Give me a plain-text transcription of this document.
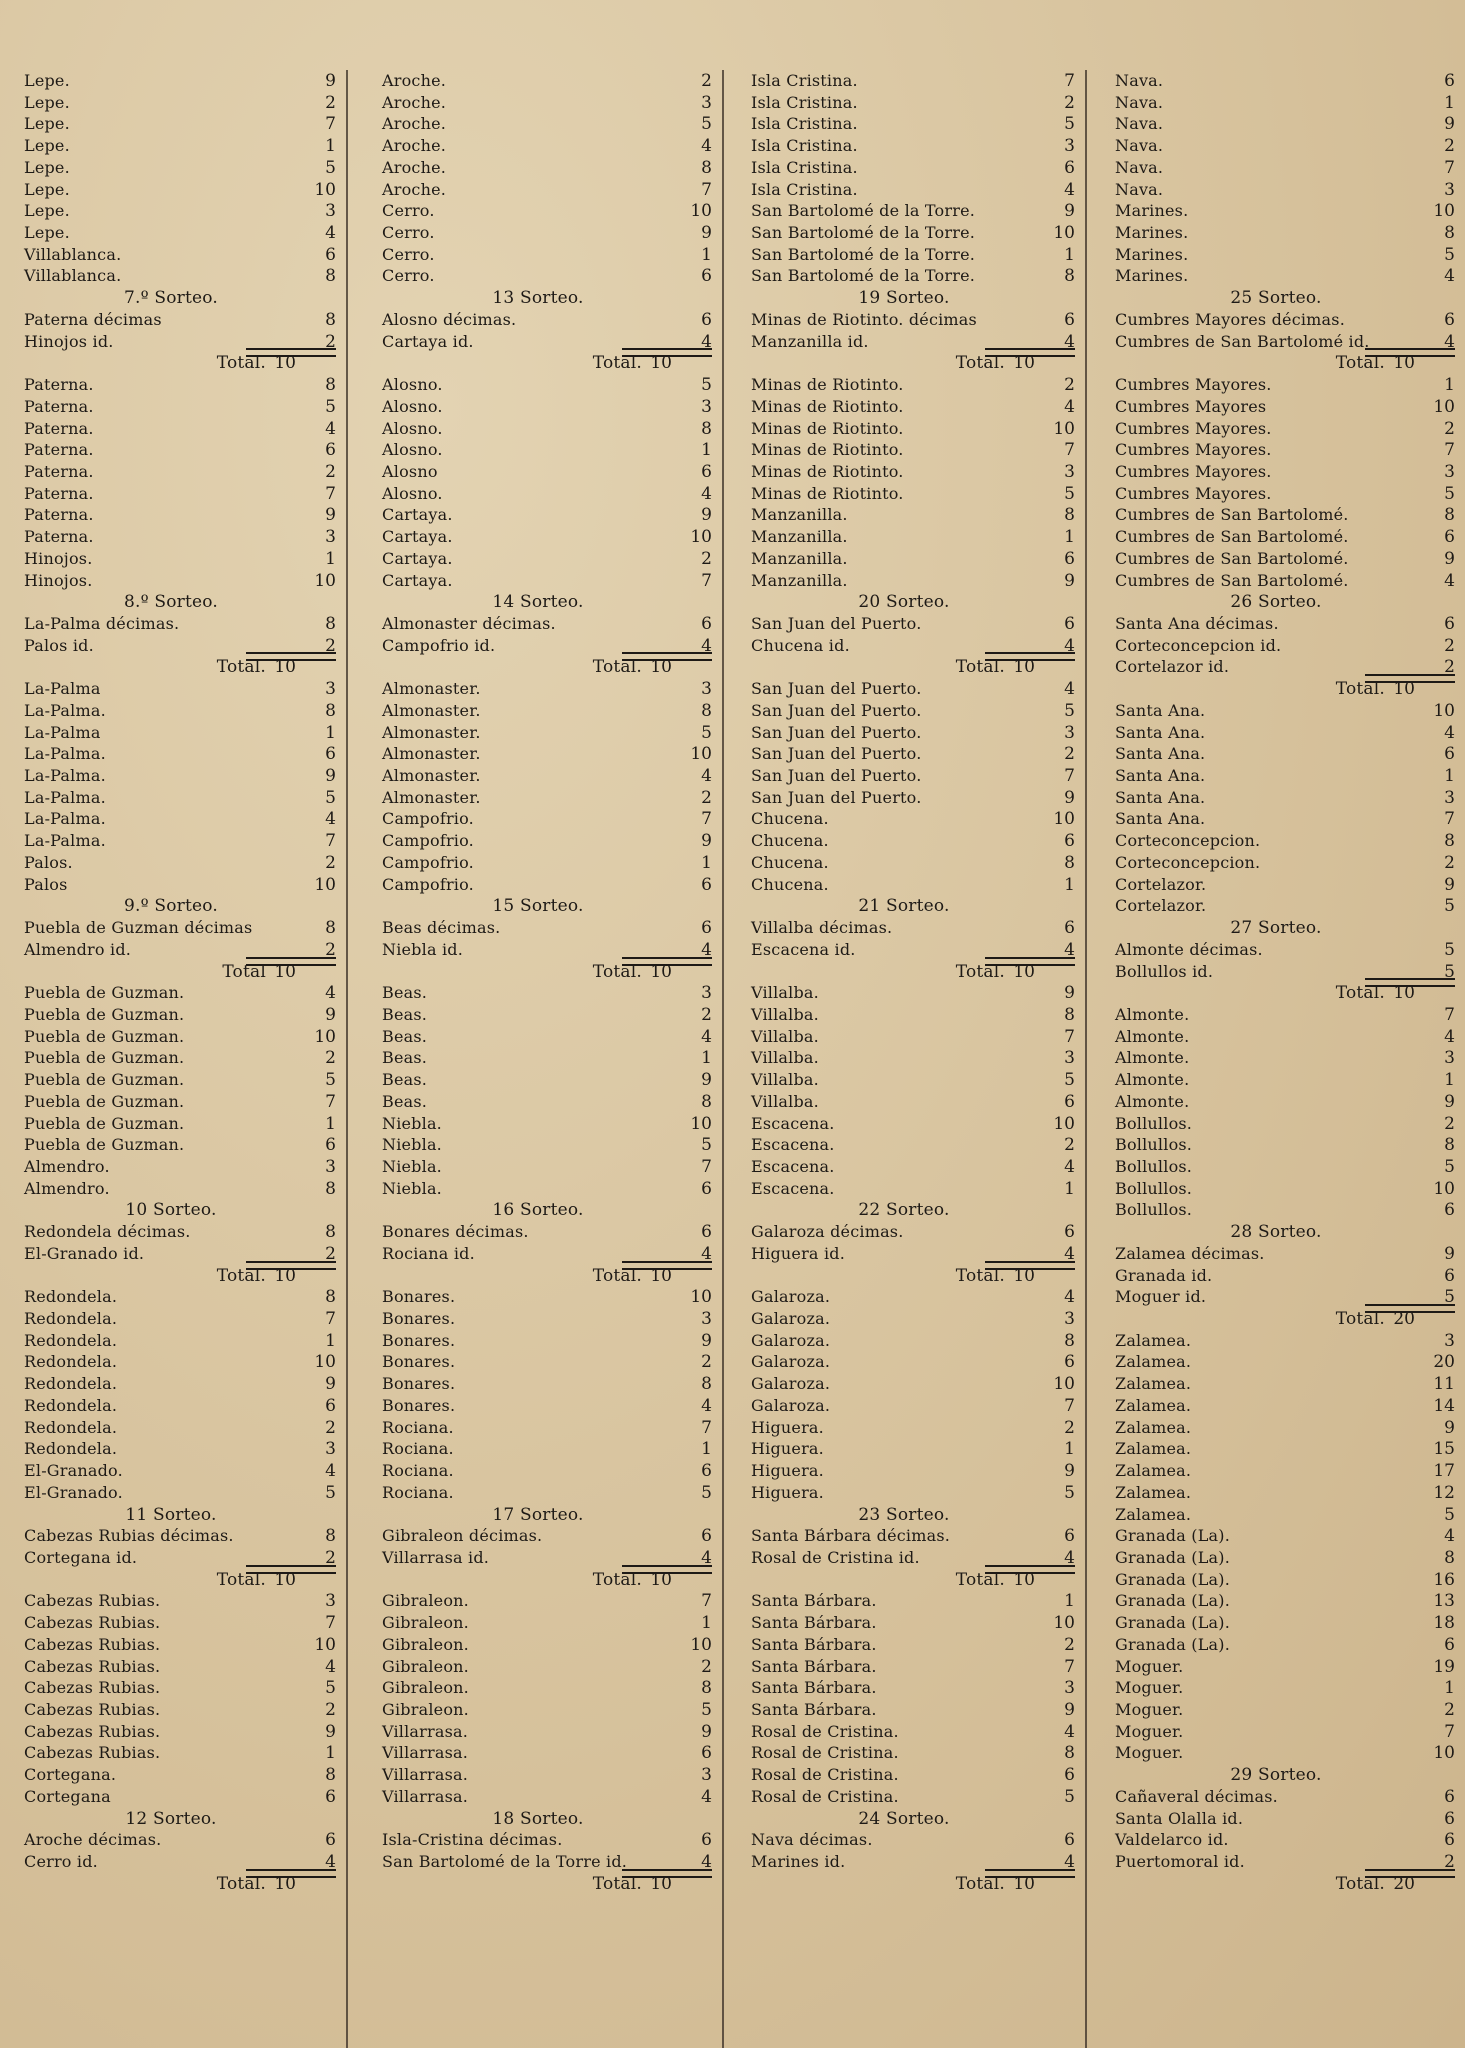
Lepe.	9
Lepe.	2
Lepe.	7
Lepe.	1
Lepe.	5
Lepe.	10
Lepe.	3
Lepe.	4
Villablanca.	6
Villablanca.	8
7.º Sorteo.
Paterna décimas	8
Hinojos id.	2
Total. 10
Paterna.	8
Paterna.	5
Paterna.	4
Paterna.	6
Paterna.	2
Paterna.	7
Paterna.	9
Paterna.	3
Hinojos.	1
Hinojos.	10
8.º Sorteo.
La-Palma décimas.	8
Palos id.	2
Total. 10
La-Palma	3
La-Palma.	8
La-Palma	1
La-Palma.	6
La-Palma.	9
La-Palma.	5
La-Palma.	4
La-Palma.	7
Palos.	2
Palos	10
9.º Sorteo.
Puebla de Guzman décimas	8
Almendro id.	2
Total 10
Puebla de Guzman.	4
Puebla de Guzman.	9
Puebla de Guzman.	10
Puebla de Guzman.	2
Puebla de Guzman.	5
Puebla de Guzman.	7
Puebla de Guzman.	1
Puebla de Guzman.	6
Almendro.	3
Almendro.	8
10 Sorteo.
Redondela décimas.	8
El-Granado id.	2
Total. 10
Redondela.	8
Redondela.	7
Redondela.	1
Redondela.	10
Redondela.	9
Redondela.	6
Redondela.	2
Redondela.	3
El-Granado.	4
El-Granado.	5
11 Sorteo.
Cabezas Rubias décimas.	8
Cortegana id.	2
Total. 10
Cabezas Rubias.	3
Cabezas Rubias.	7
Cabezas Rubias.	10
Cabezas Rubias.	4
Cabezas Rubias.	5
Cabezas Rubias.	2
Cabezas Rubias.	9
Cabezas Rubias.	1
Cortegana.	8
Cortegana	6
12 Sorteo.
Aroche décimas.	6
Cerro id.	4
Total. 10
Aroche.	2
Aroche.	3
Aroche.	5
Aroche.	4
Aroche.	8
Aroche.	7
Cerro.	10
Cerro.	9
Cerro.	1
Cerro.	6
13 Sorteo.
Alosno décimas.	6
Cartaya id.	4
Total. 10
Alosno.	5
Alosno.	3
Alosno.	8
Alosno.	1
Alosno	6
Alosno.	4
Cartaya.	9
Cartaya.	10
Cartaya.	2
Cartaya.	7
14 Sorteo.
Almonaster décimas.	6
Campofrio id.	4
Total. 10
Almonaster.	3
Almonaster.	8
Almonaster.	5
Almonaster.	10
Almonaster.	4
Almonaster.	2
Campofrio.	7
Campofrio.	9
Campofrio.	1
Campofrio.	6
15 Sorteo.
Beas décimas.	6
Niebla id.	4
Total. 10
Beas.	3
Beas.	2
Beas.	4
Beas.	1
Beas.	9
Beas.	8
Niebla.	10
Niebla.	5
Niebla.	7
Niebla.	6
16 Sorteo.
Bonares décimas.	6
Rociana id.	4
Total. 10
Bonares.	10
Bonares.	3
Bonares.	9
Bonares.	2
Bonares.	8
Bonares.	4
Rociana.	7
Rociana.	1
Rociana.	6
Rociana.	5
17 Sorteo.
Gibraleon décimas.	6
Villarrasa id.	4
Total. 10
Gibraleon.	7
Gibraleon.	1
Gibraleon.	10
Gibraleon.	2
Gibraleon.	8
Gibraleon.	5
Villarrasa.	9
Villarrasa.	6
Villarrasa.	3
Villarrasa.	4
18 Sorteo.
Isla-Cristina décimas.	6
San Bartolomé de la Torre id.	4
Total. 10
Isla Cristina.	7
Isla Cristina.	2
Isla Cristina.	5
Isla Cristina.	3
Isla Cristina.	6
Isla Cristina.	4
San Bartolomé de la Torre.	9
San Bartolomé de la Torre.	10
San Bartolomé de la Torre.	1
San Bartolomé de la Torre.	8
19 Sorteo.
Minas de Riotinto. décimas	6
Manzanilla id.	4
Total. 10
Minas de Riotinto.	2
Minas de Riotinto.	4
Minas de Riotinto.	10
Minas de Riotinto.	7
Minas de Riotinto.	3
Minas de Riotinto.	5
Manzanilla.	8
Manzanilla.	1
Manzanilla.	6
Manzanilla.	9
20 Sorteo.
San Juan del Puerto.	6
Chucena id.	4
Total. 10
San Juan del Puerto.	4
San Juan del Puerto.	5
San Juan del Puerto.	3
San Juan del Puerto.	2
San Juan del Puerto.	7
San Juan del Puerto.	9
Chucena.	10
Chucena.	6
Chucena.	8
Chucena.	1
21 Sorteo.
Villalba décimas.	6
Escacena id.	4
Total. 10
Villalba.	9
Villalba.	8
Villalba.	7
Villalba.	3
Villalba.	5
Villalba.	6
Escacena.	10
Escacena.	2
Escacena.	4
Escacena.	1
22 Sorteo.
Galaroza décimas.	6
Higuera id.	4
Total. 10
Galaroza.	4
Galaroza.	3
Galaroza.	8
Galaroza.	6
Galaroza.	10
Galaroza.	7
Higuera.	2
Higuera.	1
Higuera.	9
Higuera.	5
23 Sorteo.
Santa Bárbara décimas.	6
Rosal de Cristina id.	4
Total. 10
Santa Bárbara.	1
Santa Bárbara.	10
Santa Bárbara.	2
Santa Bárbara.	7
Santa Bárbara.	3
Santa Bárbara.	9
Rosal de Cristina.	4
Rosal de Cristina.	8
Rosal de Cristina.	6
Rosal de Cristina.	5
24 Sorteo.
Nava décimas.	6
Marines id.	4
Total. 10
Nava.	6
Nava.	1
Nava.	9
Nava.	2
Nava.	7
Nava.	3
Marines.	10
Marines.	8
Marines.	5
Marines.	4
25 Sorteo.
Cumbres Mayores décimas.	6
Cumbres de San Bartolomé id.	4
Total. 10
Cumbres Mayores.	1
Cumbres Mayores	10
Cumbres Mayores.	2
Cumbres Mayores.	7
Cumbres Mayores.	3
Cumbres Mayores.	5
Cumbres de San Bartolomé.	8
Cumbres de San Bartolomé.	6
Cumbres de San Bartolomé.	9
Cumbres de San Bartolomé.	4
26 Sorteo.
Santa Ana décimas.	6
Corteconcepcion id.	2
Cortelazor id.	2
Total. 10
Santa Ana.	10
Santa Ana.	4
Santa Ana.	6
Santa Ana.	1
Santa Ana.	3
Santa Ana.	7
Corteconcepcion.	8
Corteconcepcion.	2
Cortelazor.	9
Cortelazor.	5
27 Sorteo.
Almonte décimas.	5
Bollullos id.	5
Total. 10
Almonte.	7
Almonte.	4
Almonte.	3
Almonte.	1
Almonte.	9
Bollullos.	2
Bollullos.	8
Bollullos.	5
Bollullos.	10
Bollullos.	6
28 Sorteo.
Zalamea décimas.	9
Granada id.	6
Moguer id.	5
Total. 20
Zalamea.	3
Zalamea.	20
Zalamea.	11
Zalamea.	14
Zalamea.	9
Zalamea.	15
Zalamea.	17
Zalamea.	12
Zalamea.	5
Granada (La).	4
Granada (La).	8
Granada (La).	16
Granada (La).	13
Granada (La).	18
Granada (La).	6
Moguer.	19
Moguer.	1
Moguer.	2
Moguer.	7
Moguer.	10
29 Sorteo.
Cañaveral décimas.	6
Santa Olalla id.	6
Valdelarco id.	6
Puertomoral id.	2
Total. 20
